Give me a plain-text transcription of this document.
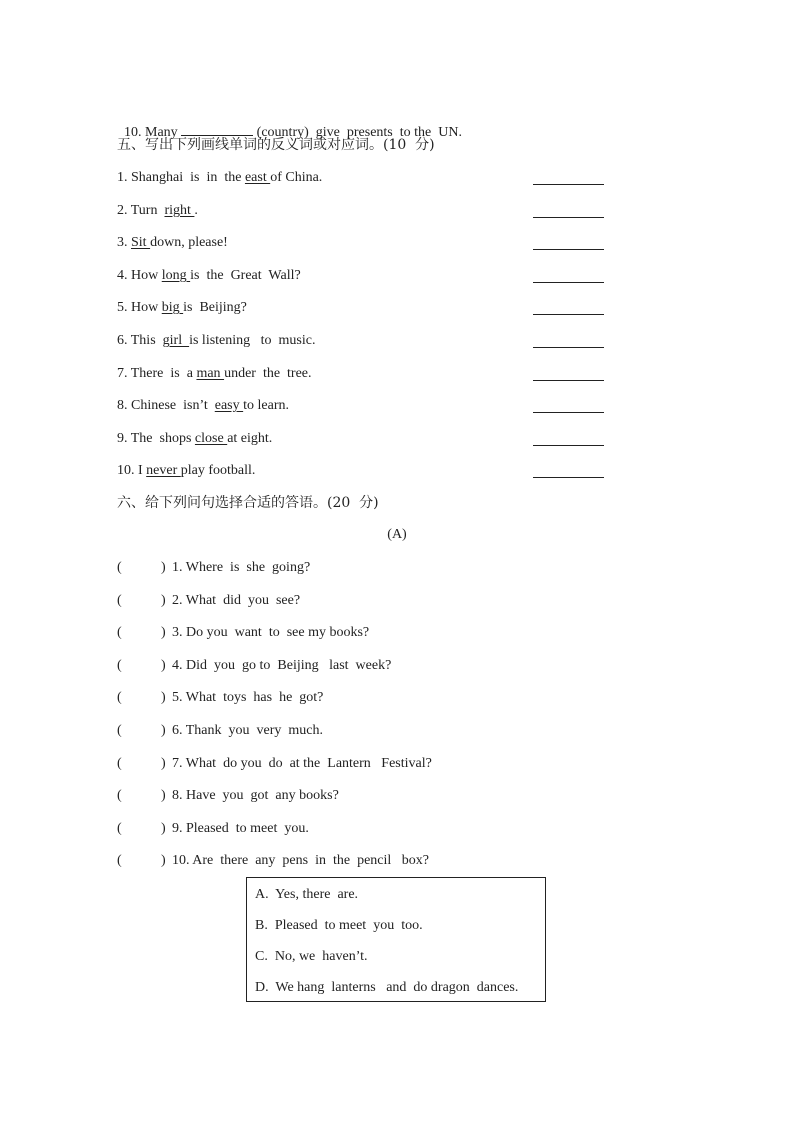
10. Many	(country)  give  presents  to the  UN.

五、写出下列画线单词的反义词或对应词。(10  分)
1. Shanghai  is  in  the east of China.
2. Turn  right .
3. Sit down, please!
4. How long is  the  Great  Wall?
5. How big is  Beijing?
6. This  girl  is listening   to  music.
7. There  is  a man under  the  tree.
8. Chinese  isn’t  easy to learn.
9. The  shops close at eight.
10. I never play football.
六、给下列问句选择合适的答语。(20  分)
(A)
(	) 1. Where  is  she  going?
(	) 2. What  did  you  see?
(	) 3. Do you  want  to  see my books?
(	) 4. Did  you  go to  Beijing   last  week?
(	) 5. What  toys  has  he  got?
(	) 6. Thank  you  very  much.
(	) 7. What  do you  do  at the  Lantern   Festival?
(	) 8. Have  you  got  any books?
(	) 9. Pleased  to meet  you.
(	) 10. Are  there  any  pens  in  the  pencil   box?
A.  Yes, there  are.
B.  Pleased  to meet  you  too.
C.  No, we  haven’t.
D.  We hang  lanterns   and  do dragon  dances.
